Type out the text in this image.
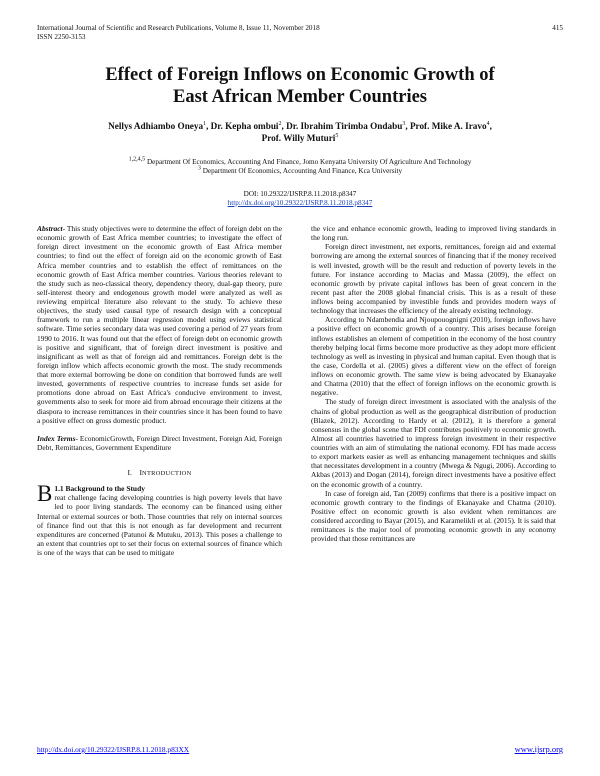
International Journal of Scientific and Research Publications, Volume 8, Issue 11, November 2018
ISSN 2250-3153
415
Effect of Foreign Inflows on Economic Growth of
East African Member Countries
Nellys Adhiambo Oneya$^1$, Dr. Kepha ombui$^2$, Dr. Ibrahim Tirimba Ondabu$^3$, Prof. Mike A. Iravo$^4$,
Prof. Willy Muturi$^5$
$^{1,2,4,5}$ Department Of Economics, Accounting And Finance, Jomo Kenyatta University Of Agriculture And Technology
$^3$ Department Of Economics, Accounting And Finance, Kca University
DOI: 10.29322/IJSRP.8.11.2018.p8347
http://dx.doi.org/10.29322/IJSRP.8.11.2018.p8347

Abstract- This study objectives were to determine the effect of foreign debt on the economic growth of East Africa member countries; to investigate the effect of foreign direct investment on the economic growth of East Africa member countries; to find out the effect of foreign aid on the economic growth of East Africa member countries and to establish the effect of remittances on the economic growth of East Africa member countries. Various theories relevant to the study such as neo-classical theory, dependency theory, dual-gap theory, pure self-interest theory and endogenous growth model were analyzed as well as reviewing empirical literature also relevant to the study. To achieve these objectives, the study used causal type of research design with a conceptual framework to run a multiple linear regression model using eviews statistical software. Time series secondary data was used covering a period of 27 years from 1990 to 2016. It was found out that the effect of foreign debt on economic growth is positive and significant, that of foreign direct investment is positive and insignificant as well as that of foreign aid and remittances. Foreign debt is the foreign inflow which affects economic growth the most. The study recommends that more external borrowing be done on condition that borrowed funds are well invested, governments of respective countries to increase funds set aside for promotions done abroad on East Africa's conducive environment to invest, governments also to seek for more aid from abroad encourage their citizens at the diaspora to increase remittances in their countries since it has been found to have a positive effect on gross domestic product.

Index Terms- EconomicGrowth, Foreign Direct Investment, Foreign Aid, Foreign Debt, Remittances, Government Expenditure

I. INTRODUCTION

B 1.1 Background to the Study
reat challenge facing developing countries is high poverty levels that have led to poor living standards. The economy can be financed using either Internal or external sources or both. Those countries that rely on internal sources of finance find out that this is not enough as far development and recurrent expenditures are concerned (Patunoi & Mutuku, 2013). This poses a challenge to an extent that countries opt to set their focus on external sources of finance which is one of the ways that can be used to mitigate

the vice and enhance economic growth, leading to improved living standards in the long run.

Foreign direct investment, net exports, remittances, foreign aid and external borrowing are among the external sources of financing that if the money received is well invested, growth will be the result and reduction of poverty levels in the future. For instance according to Macias and Massa (2009), the effect on economic growth by private capital inflows has been of great concern in the recent past after the 2008 global financial crisis. This is as a result of these inflows being accompanied by investible funds and provides modern ways of technology that increases the efficiency of the already existing technology.

According to Ndambendia and Njoupouognigni (2010), foreign inflows have a positive effect on economic growth of a country. This arises because foreign inflows establishes an element of competition in the economy of the host country thereby helping local firms become more productive as they adopt more efficient technology as well as investing in physical and human capital. Even though that is the case, Cordella et al. (2005) gives a different view on the effect of foreign inflows on economic growth. The same view is being advocated by Ekanayake and Chatrna (2010) that the effect of foreign inflows on the economic growth is negative.

The study of foreign direct investment is associated with the analysis of the chains of global production as well as the geographical distribution of production (Blazek, 2012). According to Hardy et al. (2012), it is therefore a general consensus in the global scene that FDI contributes positively to economic growth. Almost all countries havetried to impress foreign investment in their respective countries with an aim of stimulating the national economy. FDI has made access to export markets easier as well as enhancing management techniques and skills that necessitates development in a country (Mwega & Ngugi, 2006). According to Akbas (2013) and Dogan (2014), foreign direct investments have a positive effect on the economic growth of a country.

In case of foreign aid, Tan (2009) confirms that there is a positive impact on economic growth contrary to the findings of Ekanayake and Chatma (2010). Positive effect on economic growth is also evident when remittances are considered according to Bayar (2015), and Karamelikli et al. (2015). It is said that remittances is the major tool of promoting economic growth in any economy provided that those remittances are

http://dx.doi.org/10.29322/IJSRP.8.11.2018.p83XX	www.ijsrp.org
